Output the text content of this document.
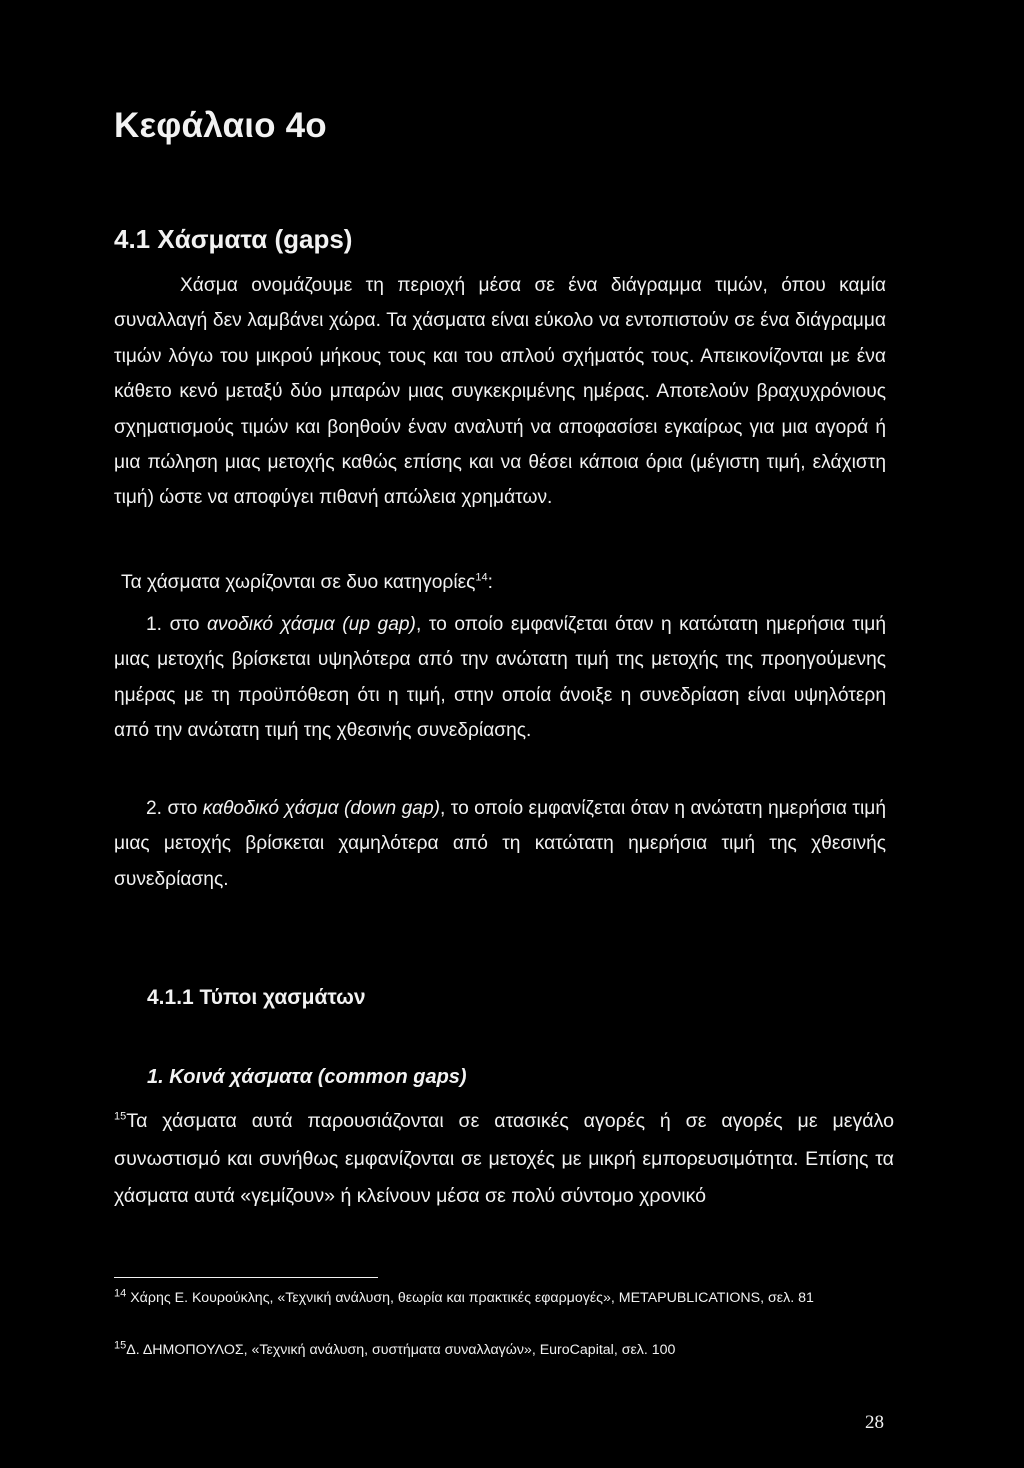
Κεφάλαιο 4ο
4.1 Χάσματα (gaps)

Χάσμα ονομάζουμε τη περιοχή μέσα σε ένα διάγραμμα τιμών, όπου καμία συναλλαγή δεν λαμβάνει χώρα. Τα χάσματα είναι εύκολο να εντοπιστούν σε ένα διάγραμμα τιμών λόγω του μικρού μήκους τους και του απλού σχήματός τους. Απεικονίζονται με ένα κάθετο κενό μεταξύ δύο μπαρών μιας συγκεκριμένης ημέρας. Αποτελούν βραχυχρόνιους σχηματισμούς τιμών και βοηθούν έναν αναλυτή να αποφασίσει εγκαίρως για μια αγορά ή μια πώληση μιας μετοχής καθώς επίσης και να θέσει κάποια όρια (μέγιστη τιμή, ελάχιστη τιμή) ώστε να αποφύγει πιθανή απώλεια χρημάτων.

Τα χάσματα χωρίζονται σε δυο κατηγορίες$^{14}$:

1. στο ανοδικό χάσμα (up gap), το οποίο εμφανίζεται όταν η κατώτατη ημερήσια τιμή μιας μετοχής βρίσκεται υψηλότερα από την ανώτατη τιμή της μετοχής της προηγούμενης ημέρας με τη προϋπόθεση ότι η τιμή, στην οποία άνοιξε η συνεδρίαση είναι υψηλότερη από την ανώτατη τιμή της χθεσινής συνεδρίασης.

2. στο καθοδικό χάσμα (down gap), το οποίο εμφανίζεται όταν η ανώτατη ημερήσια τιμή μιας μετοχής βρίσκεται χαμηλότερα από τη κατώτατη ημερήσια τιμή της χθεσινής συνεδρίασης.

4.1.1 Τύποι χασμάτων
1. Κοινά χάσματα (common gaps)

$^{15}$Τα χάσματα αυτά παρουσιάζονται σε ατασικές αγορές ή σε αγορές με μεγάλο συνωστισμό και συνήθως εμφανίζονται σε μετοχές με μικρή εμπορευσιμότητα. Επίσης τα χάσματα αυτά «γεμίζουν» ή κλείνουν μέσα σε πολύ σύντομο χρονικό

$^{14}$ Χάρης Ε. Κουρούκλης, «Τεχνική ανάλυση, θεωρία και πρακτικές εφαρμογές», METAPUBLICATIONS, σελ. 81

$^{15}$Δ. ΔΗΜΟΠΟΥΛΟΣ, «Τεχνική ανάλυση, συστήματα συναλλαγών», EuroCapital, σελ. 100

28
